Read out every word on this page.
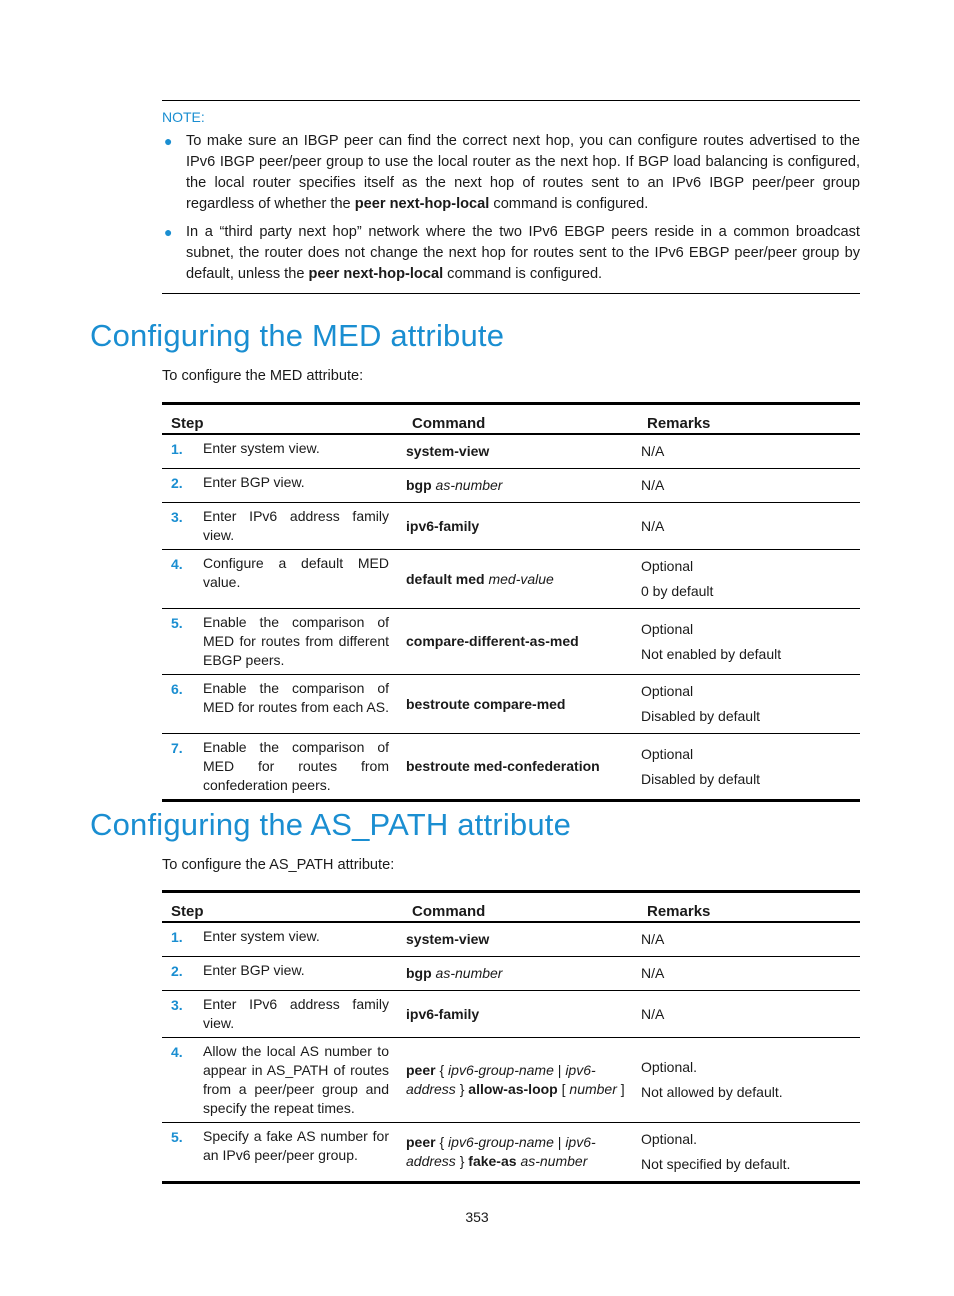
NOTE:
● To make sure an IBGP peer can find the correct next hop, you can configure routes advertised to the IPv6 IBGP peer/peer group to use the local router as the next hop. If BGP load balancing is configured, the local router specifies itself as the next hop of routes sent to an IPv6 IBGP peer/peer group regardless of whether the peer next-hop-local command is configured.
● In a “third party next hop” network where the two IPv6 EBGP peers reside in a common broadcast subnet, the router does not change the next hop for routes sent to the IPv6 EBGP peer/peer group by default, unless the peer next-hop-local command is configured.
Configuring the MED attribute

To configure the MED attribute:

Step		Command	Remarks
1.	Enter system view.	system-view	N/A

2.	Enter BGP view.	bgp as-number	N/A

3.	Enter IPv6 address family view.	ipv6-family	N/A

4.	Configure a default MED value.	default med med-value	Optional
0 by default

5.	Enable the comparison of MED for routes from different EBGP peers.	compare-different-as-med	Optional
Not enabled by default

6.	Enable the comparison of MED for routes from each AS.	bestroute compare-med	Optional
Disabled by default

7.	Enable the comparison of MED for routes from confederation peers.	bestroute med-confederation	Optional
Disabled by default
Configuring the AS_PATH attribute

To configure the AS_PATH attribute:

Step		Command	Remarks
1.	Enter system view.	system-view	N/A

2.	Enter BGP view.	bgp as-number	N/A

3.	Enter IPv6 address family view.	ipv6-family	N/A

4.	Allow the local AS number to appear in AS_PATH of routes from a peer/peer group and specify the repeat times.	peer { ipv6-group-name | ipv6-address } allow-as-loop [ number ]	Optional.
Not allowed by default.

5.	Specify a fake AS number for an IPv6 peer/peer group.	peer { ipv6-group-name | ipv6-address } fake-as as-number	Optional.
Not specified by default.
353
